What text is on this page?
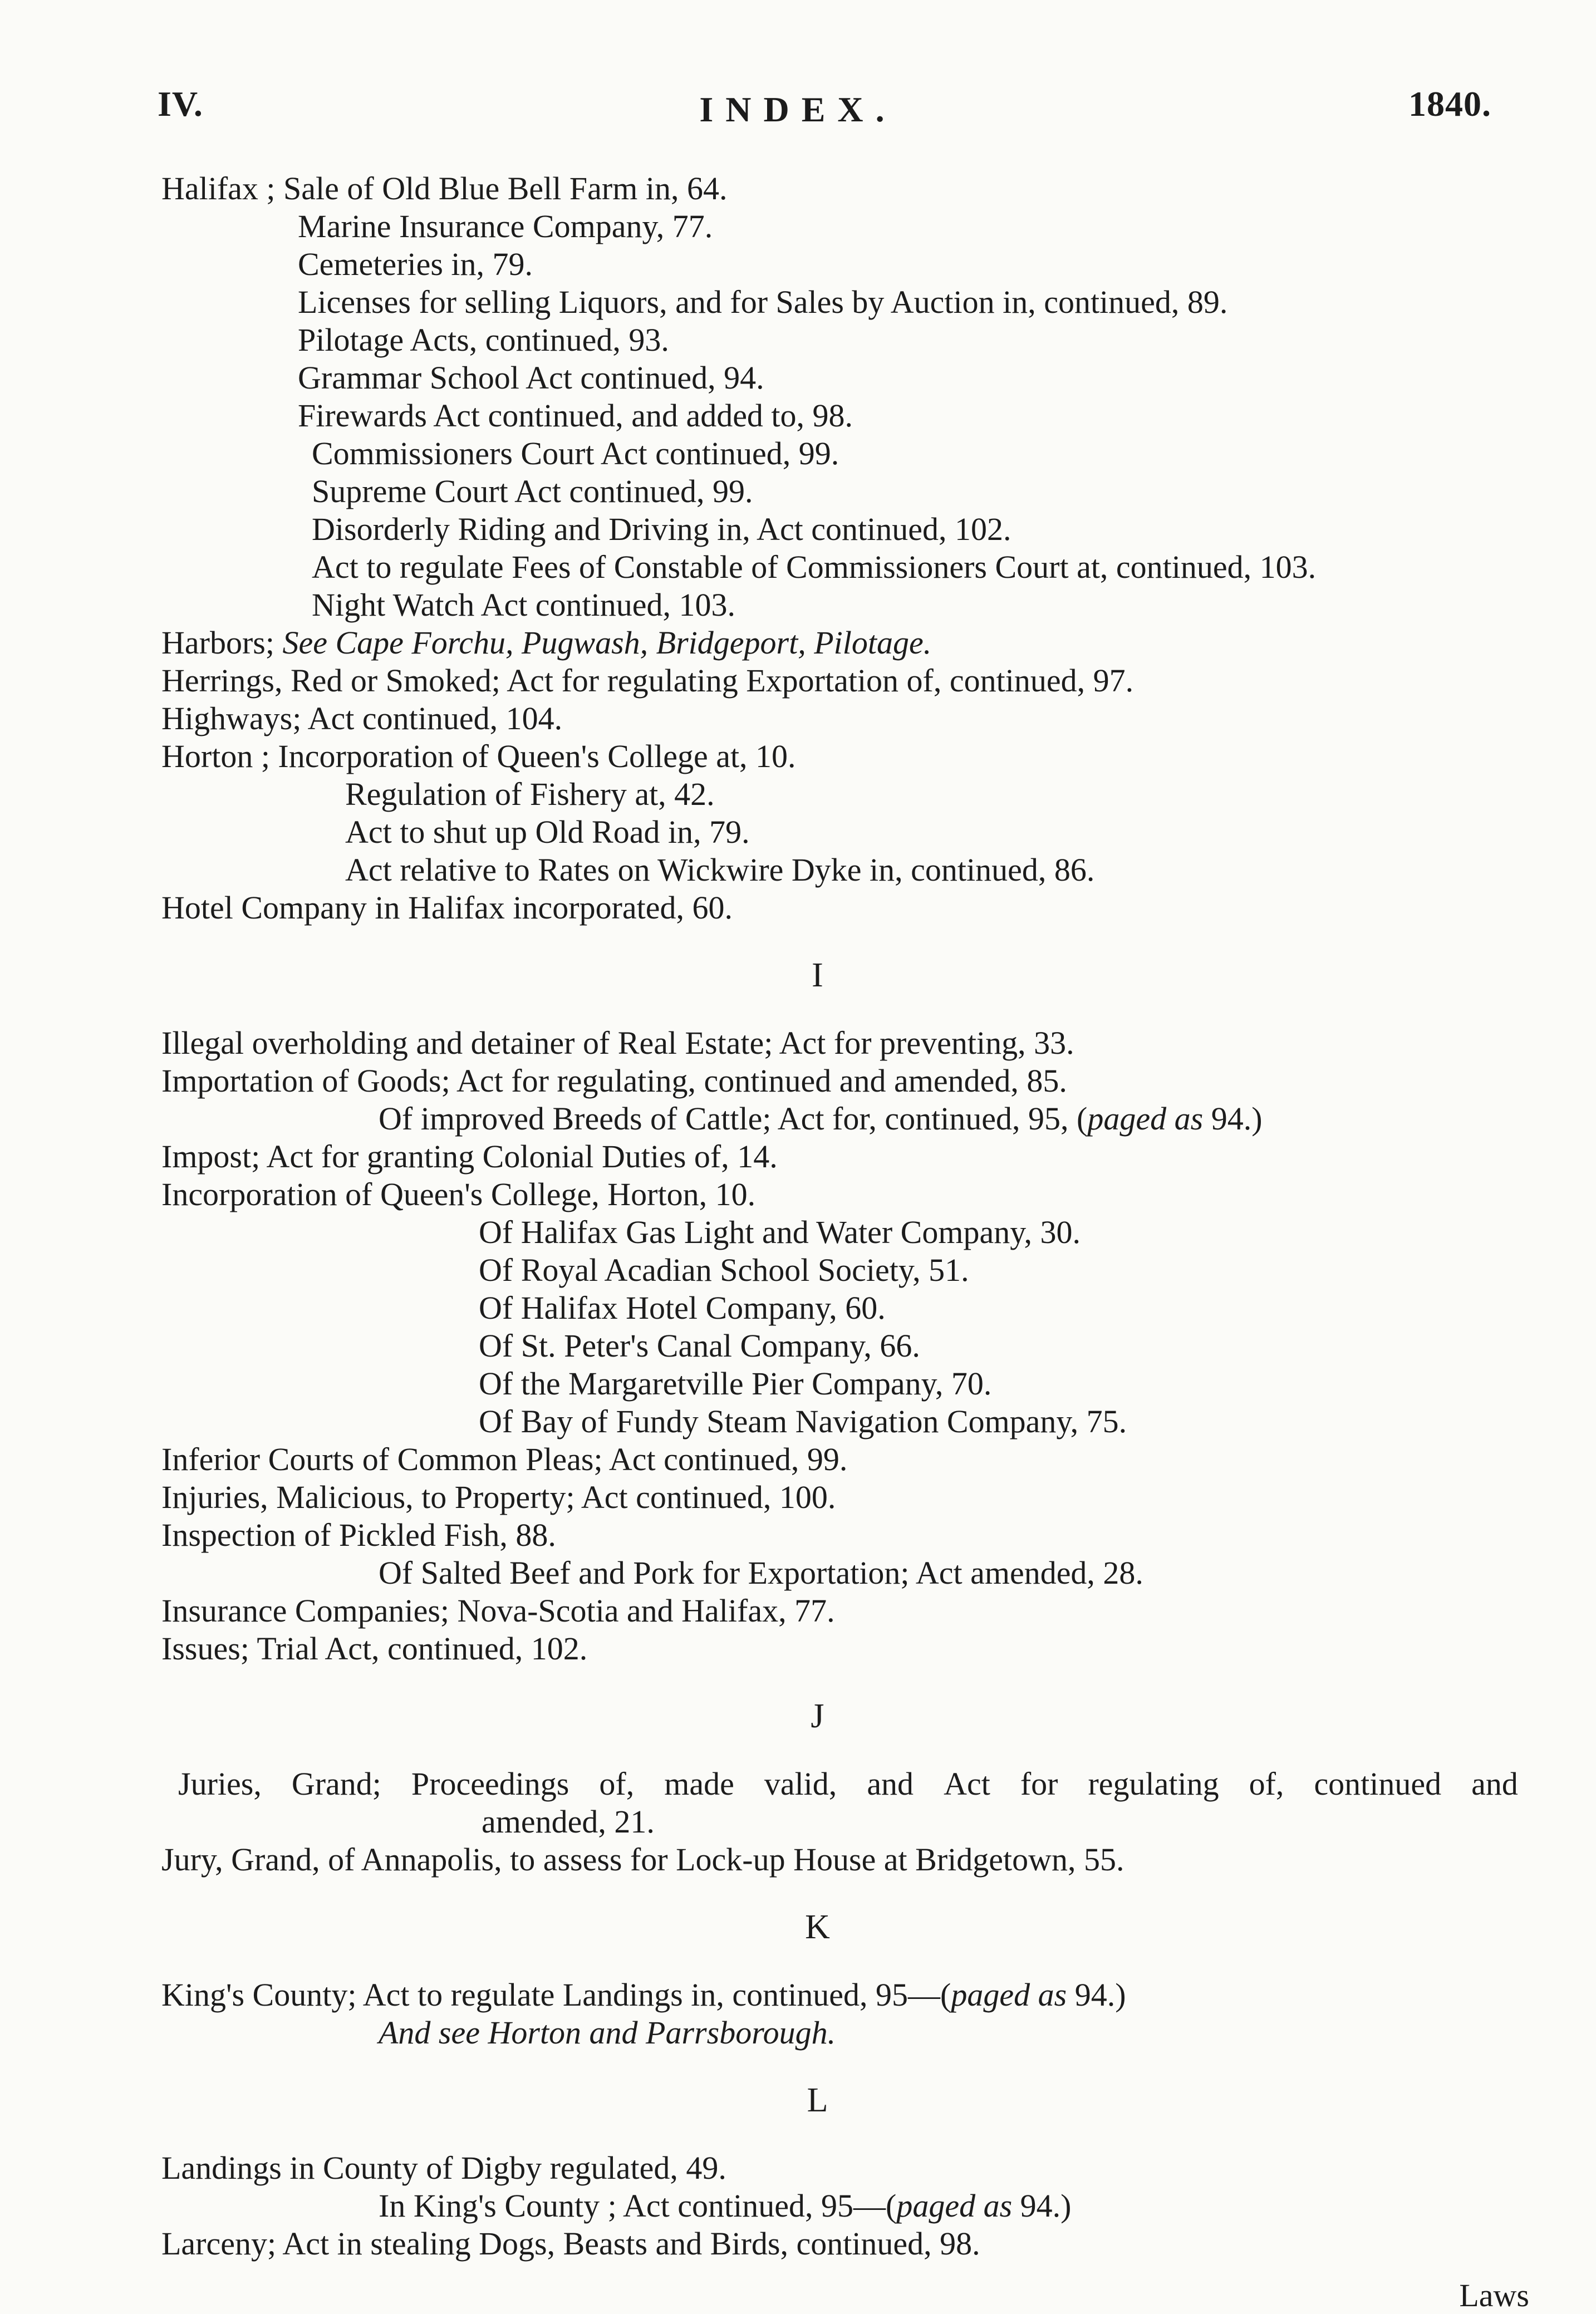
IV.	INDEX.	1840.
Halifax ; Sale of Old Blue Bell Farm in, 64.
Marine Insurance Company, 77.
Cemeteries in, 79.
Licenses for selling Liquors, and for Sales by Auction in, continued, 89.
Pilotage Acts, continued, 93.
Grammar School Act continued, 94.
Firewards Act continued, and added to, 98.
Commissioners Court Act continued, 99.
Supreme Court Act continued, 99.
Disorderly Riding and Driving in, Act continued, 102.
Act to regulate Fees of Constable of Commissioners Court at, continued, 103.
Night Watch Act continued, 103.
Harbors; See Cape Forchu, Pugwash, Bridgeport, Pilotage.
Herrings, Red or Smoked; Act for regulating Exportation of, continued, 97.
Highways; Act continued, 104.
Horton ; Incorporation of Queen's College at, 10.
Regulation of Fishery at, 42.
Act to shut up Old Road in, 79.
Act relative to Rates on Wickwire Dyke in, continued, 86.
Hotel Company in Halifax incorporated, 60.
I
Illegal overholding and detainer of Real Estate; Act for preventing, 33.
Importation of Goods; Act for regulating, continued and amended, 85.
Of improved Breeds of Cattle; Act for, continued, 95, (paged as 94.)
Impost; Act for granting Colonial Duties of, 14.
Incorporation of Queen's College, Horton, 10.
Of Halifax Gas Light and Water Company, 30.
Of Royal Acadian School Society, 51.
Of Halifax Hotel Company, 60.
Of St. Peter's Canal Company, 66.
Of the Margaretville Pier Company, 70.
Of Bay of Fundy Steam Navigation Company, 75.
Inferior Courts of Common Pleas; Act continued, 99.
Injuries, Malicious, to Property; Act continued, 100.
Inspection of Pickled Fish, 88.
Of Salted Beef and Pork for Exportation; Act amended, 28.
Insurance Companies; Nova-Scotia and Halifax, 77.
Issues; Trial Act, continued, 102.
J
Juries, Grand; Proceedings of, made valid, and Act for regulating of, continued and
amended, 21.
Jury, Grand, of Annapolis, to assess for Lock-up House at Bridgetown, 55.
K
King's County; Act to regulate Landings in, continued, 95—(paged as 94.)
And see Horton and Parrsborough.
L
Landings in County of Digby regulated, 49.
In King's County ; Act continued, 95—(paged as 94.)
Larceny; Act in stealing Dogs, Beasts and Birds, continued, 98.
Laws
